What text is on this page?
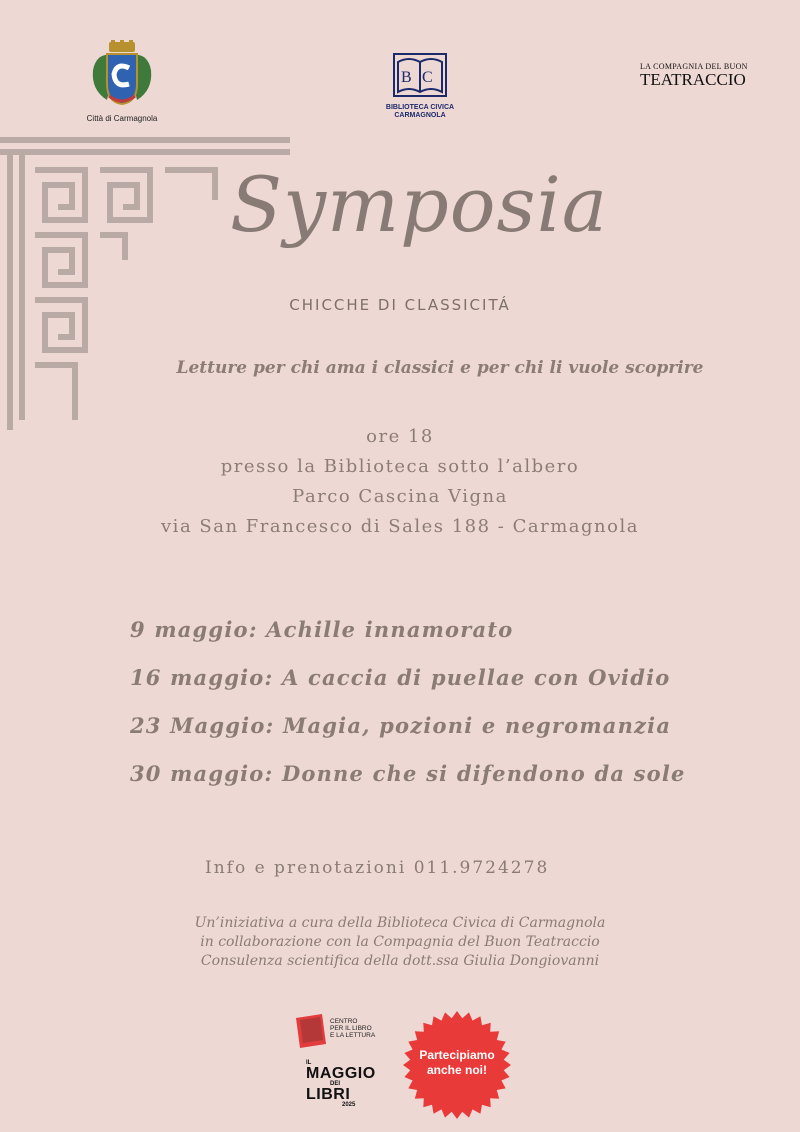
Città di Carmagnola
B C
BIBLIOTECA CIVICA
CARMAGNOLA
LA COMPAGNIA DEL BUON
TEATRACCIO
Symposia
CHICCHE DI CLASSICITÁ
Letture per chi ama i classici e per chi li vuole scoprire
ore 18
presso la Biblioteca sotto l’albero
Parco Cascina Vigna
via San Francesco di Sales 188 - Carmagnola
9 maggio: Achille innamorato
16 maggio: A caccia di puellae con Ovidio
23 Maggio: Magia, pozioni e negromanzia
30 maggio: Donne che si difendono da sole
Info e prenotazioni 011.9724278
Un’iniziativa a cura della Biblioteca Civica di Carmagnola
in collaborazione con la Compagnia del Buon Teatraccio
Consulenza scientifica della dott.ssa Giulia Dongiovanni
CENTRO
PER IL LIBRO
E LA LETTURA
IL
MAGGIO
DEI
LIBRI
2025
Partecipiamo
anche noi!
